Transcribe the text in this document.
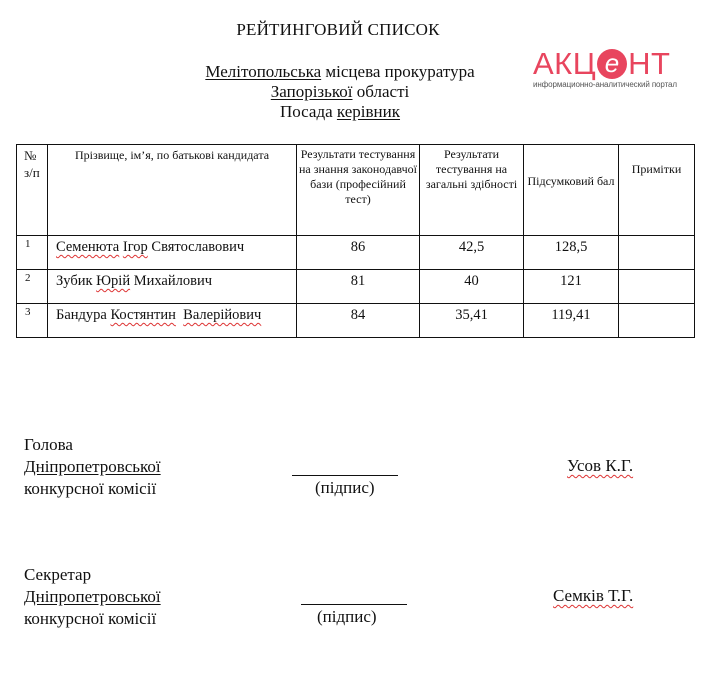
РЕЙТИНГОВИЙ СПИСОК
Мелітопольська місцева прокуратура
Запорізької області
Посада керівник
АКЦ е НТ
информационно-аналитический портал
№ з/п	Прізвище, ім’я, по батькові кандидата	Результати тестування на знання законодавчої бази (професійний тест)	Результати тестування на загальні здібності	Підсумковий бал	Примітки
1	Семенюта Ігор Святославович	86	42,5	128,5	
2	Зубик Юрій Михайлович	81	40	121	
3	Бандура Костянтин Валерійович	84	35,41	119,41	
Голова
Дніпропетровської
конкурсної комісії	(підпис)
Усов К.Г.
Секретар
Дніпропетровської
конкурсної комісії	(підпис)
Семків Т.Г.
